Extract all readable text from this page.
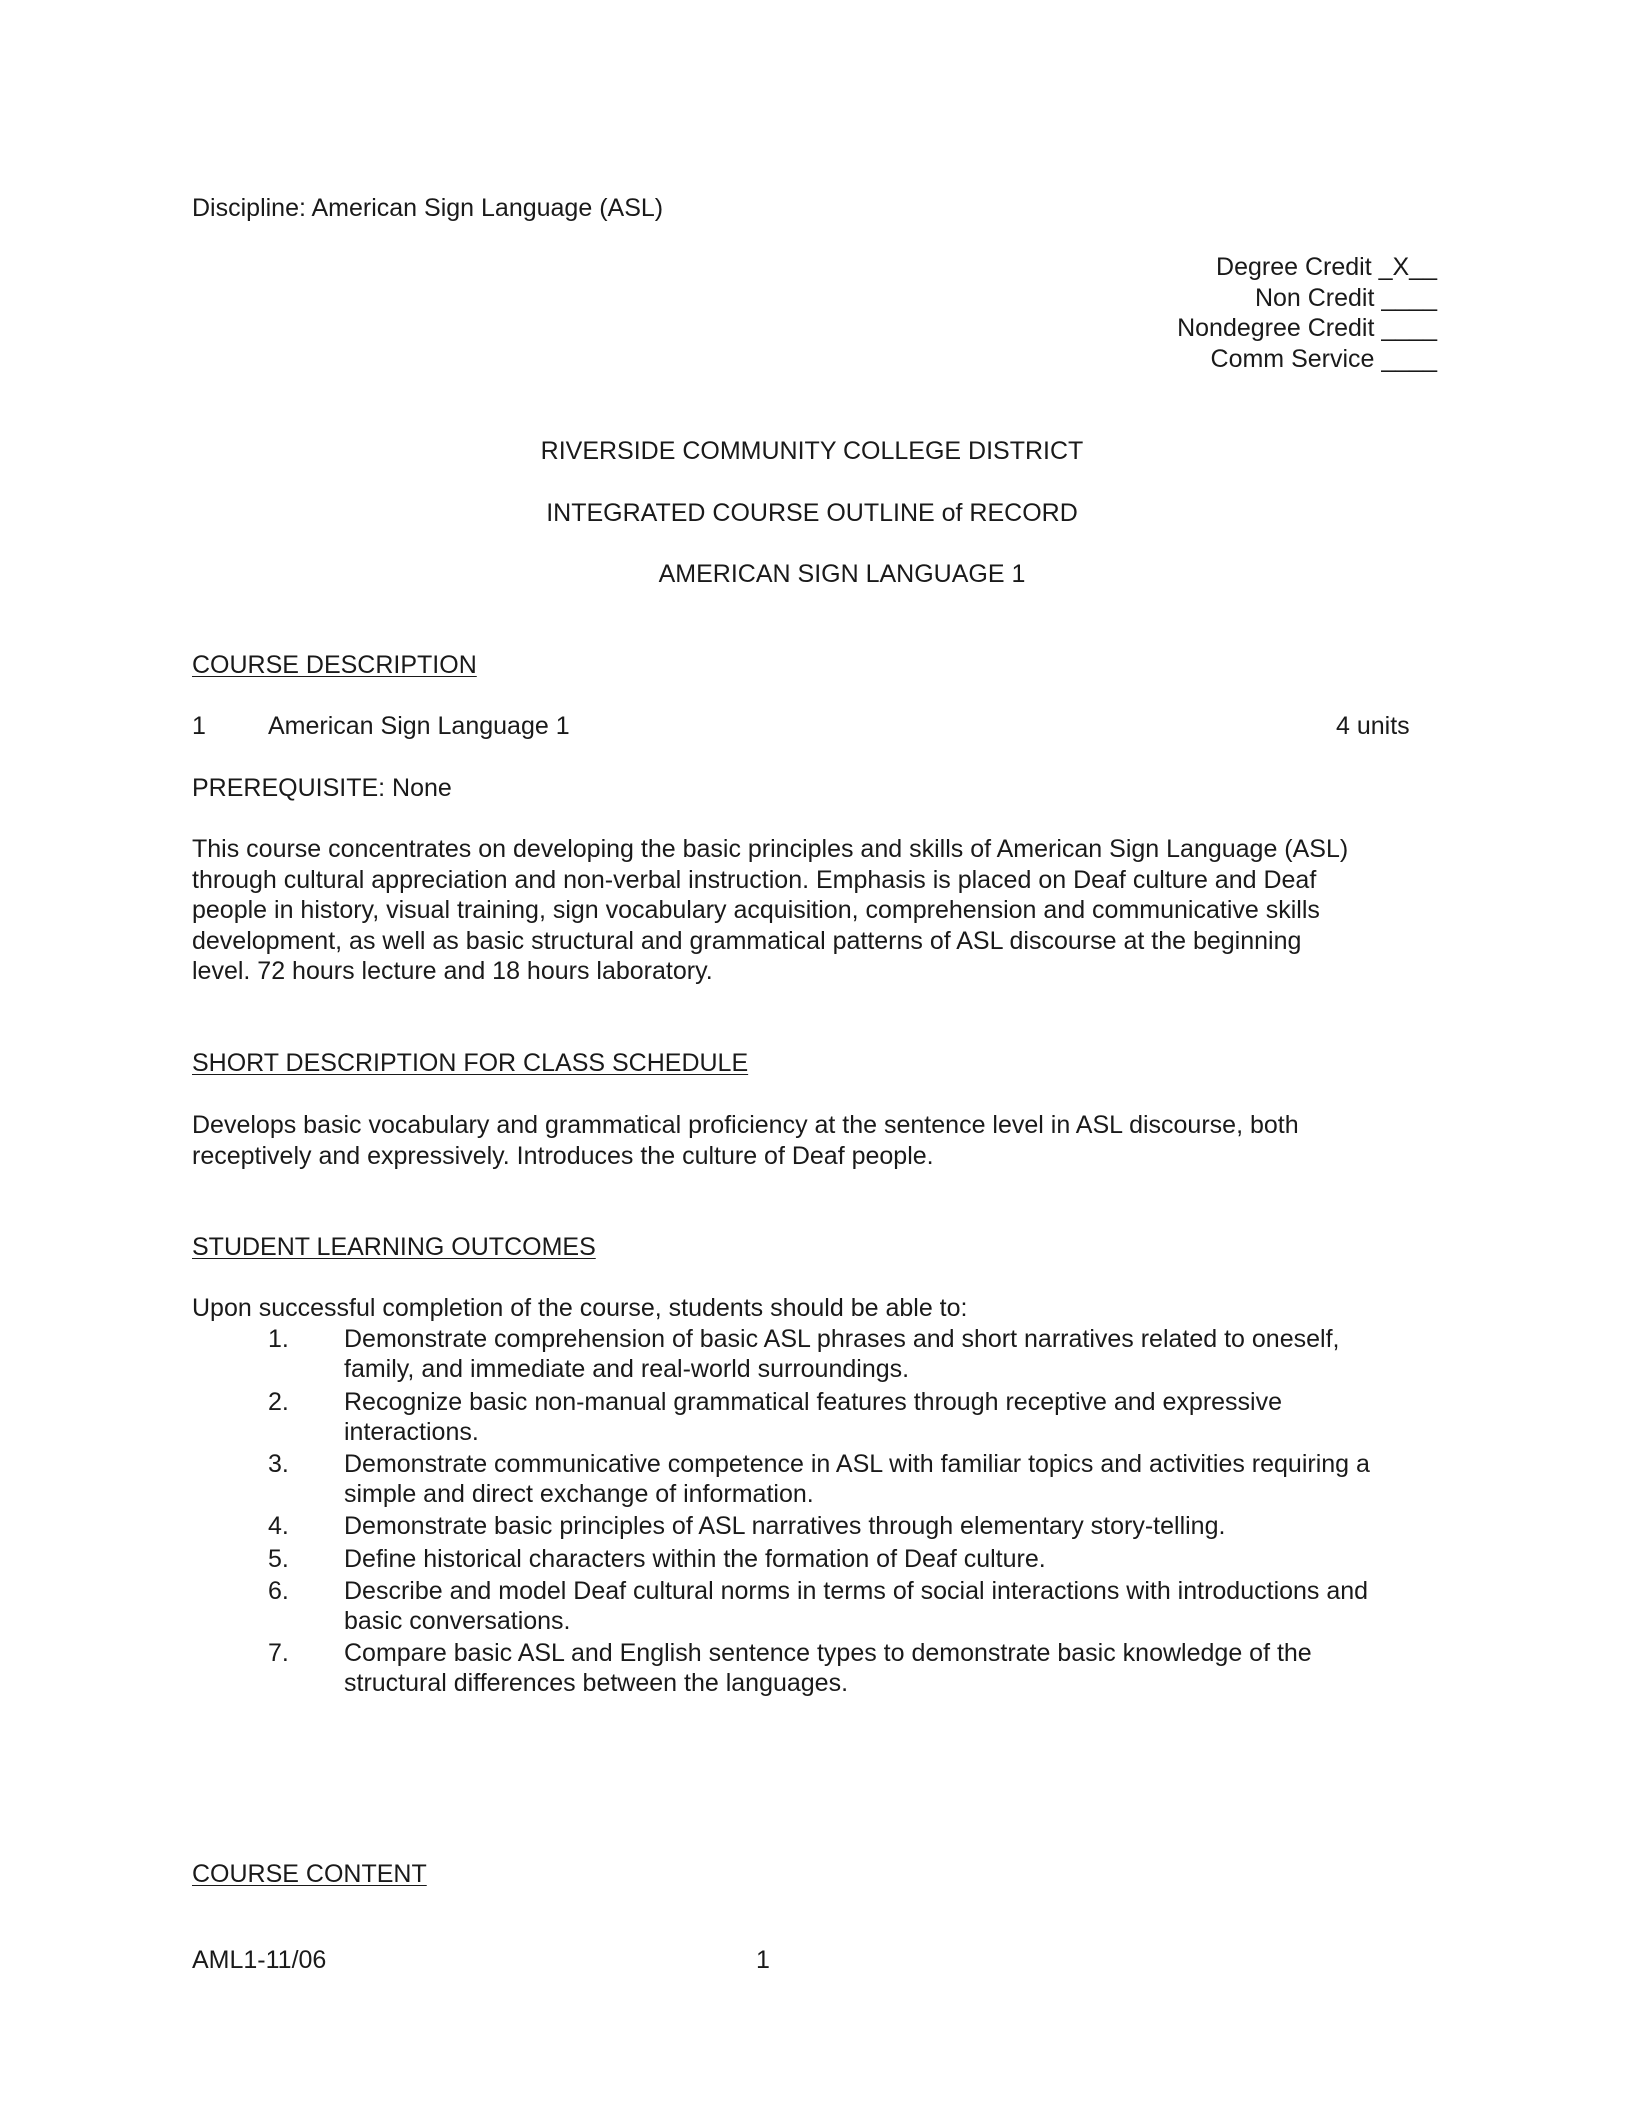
Discipline: American Sign Language (ASL)
Degree Credit _X__
Non Credit ____
Nondegree Credit ____
Comm Service ____
RIVERSIDE COMMUNITY COLLEGE DISTRICT
INTEGRATED COURSE OUTLINE of RECORD
AMERICAN SIGN LANGUAGE 1
COURSE DESCRIPTION
1 American Sign Language 1	4 units
PREREQUISITE: None
This course concentrates on developing the basic principles and skills of American Sign Language (ASL)
through cultural appreciation and non-verbal instruction. Emphasis is placed on Deaf culture and Deaf
people in history, visual training, sign vocabulary acquisition, comprehension and communicative skills
development, as well as basic structural and grammatical patterns of ASL discourse at the beginning
level. 72 hours lecture and 18 hours laboratory.
SHORT DESCRIPTION FOR CLASS SCHEDULE
Develops basic vocabulary and grammatical proficiency at the sentence level in ASL discourse, both
receptively and expressively. Introduces the culture of Deaf people.
STUDENT LEARNING OUTCOMES
Upon successful completion of the course, students should be able to:
1. Demonstrate comprehension of basic ASL phrases and short narratives related to oneself,
family, and immediate and real-world surroundings.
2. Recognize basic non-manual grammatical features through receptive and expressive
interactions.
3. Demonstrate communicative competence in ASL with familiar topics and activities requiring a
simple and direct exchange of information.
4. Demonstrate basic principles of ASL narratives through elementary story-telling.
5. Define historical characters within the formation of Deaf culture.
6. Describe and model Deaf cultural norms in terms of social interactions with introductions and
basic conversations.
7. Compare basic ASL and English sentence types to demonstrate basic knowledge of the
structural differences between the languages.
COURSE CONTENT
AML1-11/06	1
